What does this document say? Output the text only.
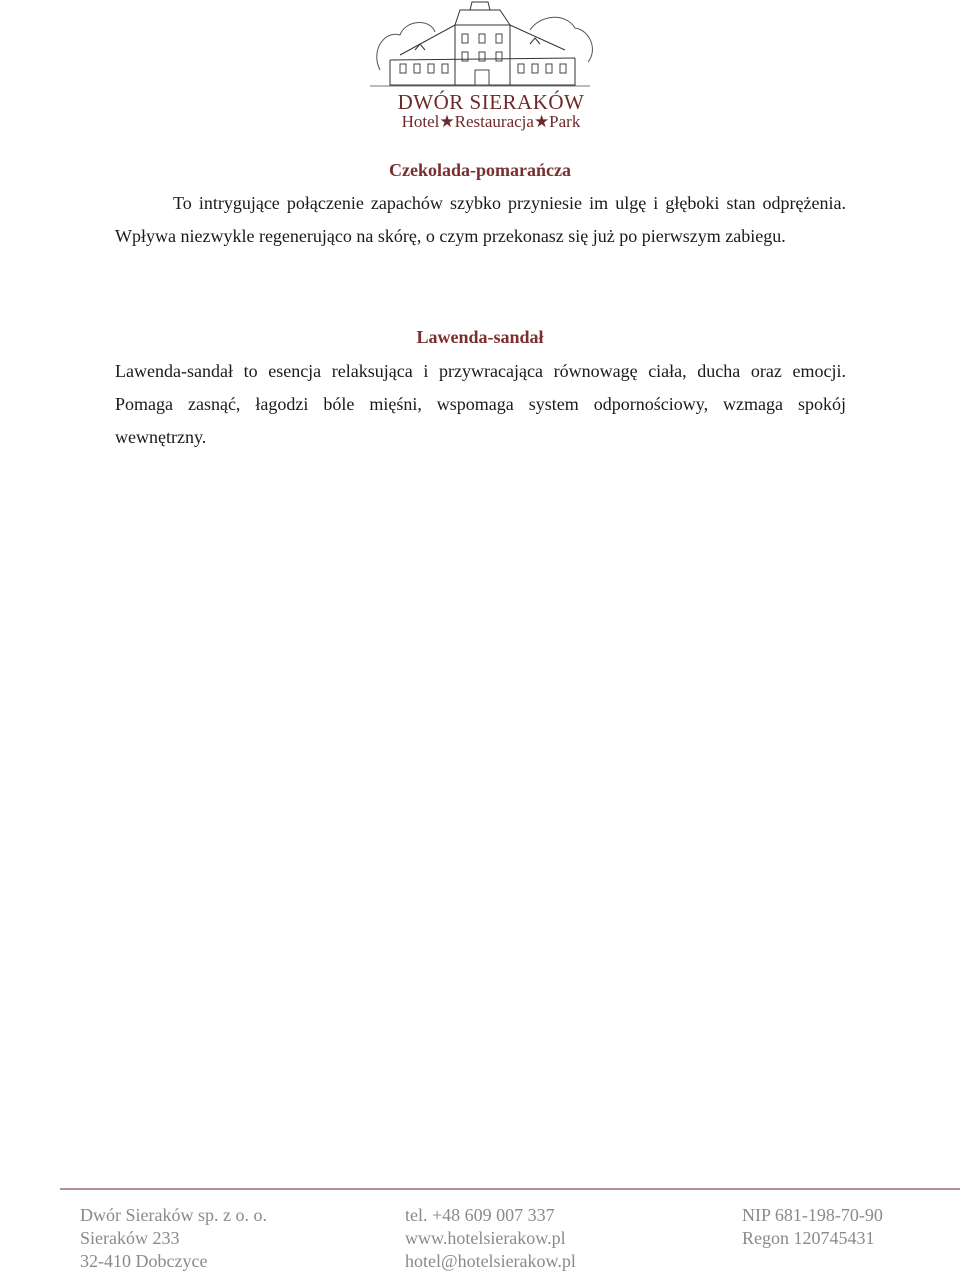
DWÓR SIERAKÓW
Hotel★Restauracja★Park
Czekolada-pomarańcza
To intrygujące połączenie zapachów szybko przyniesie im ulgę i głęboki stan odprężenia. Wpływa niezwykle regenerująco na skórę, o czym przekonasz się już po pierwszym zabiegu.
Lawenda-sandał
Lawenda-sandał to esencja relaksująca i przywracająca równowagę ciała, ducha oraz emocji. Pomaga zasnąć, łagodzi bóle mięśni, wspomaga system odpornościowy, wzmaga spokój wewnętrzny.
Dwór Sieraków sp. z o. o.
Sieraków 233
32-410 Dobczyce
tel. +48 609 007 337
www.hotelsierakow.pl
hotel@hotelsierakow.pl
NIP 681-198-70-90
Regon 120745431
